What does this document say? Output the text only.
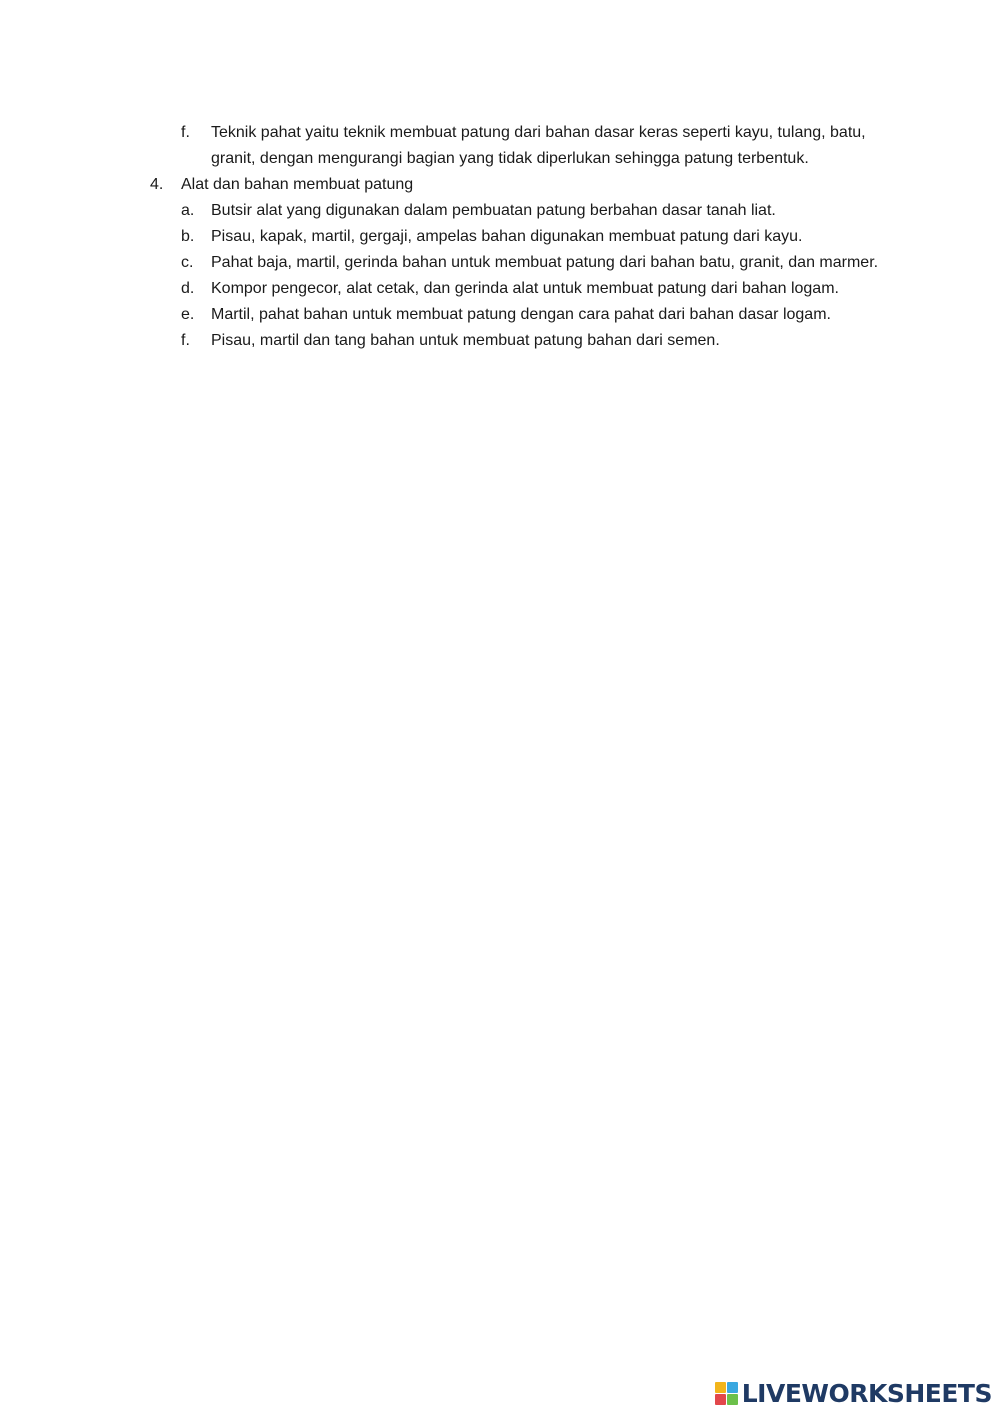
f. Teknik pahat yaitu teknik membuat patung dari bahan dasar keras seperti kayu, tulang, batu, granit, dengan mengurangi bagian yang tidak diperlukan sehingga patung terbentuk.
4. Alat dan bahan membuat patung
a. Butsir alat yang digunakan dalam pembuatan patung berbahan dasar tanah liat.
b. Pisau, kapak, martil, gergaji, ampelas bahan digunakan membuat patung dari kayu.
c. Pahat baja, martil, gerinda bahan untuk membuat patung dari bahan batu, granit, dan marmer.
d. Kompor pengecor, alat cetak, dan gerinda alat untuk membuat patung dari bahan logam.
e. Martil, pahat bahan untuk membuat patung dengan cara pahat dari bahan dasar logam.
f. Pisau, martil dan tang bahan untuk membuat patung bahan dari semen.
LIVEWORKSHEETS
